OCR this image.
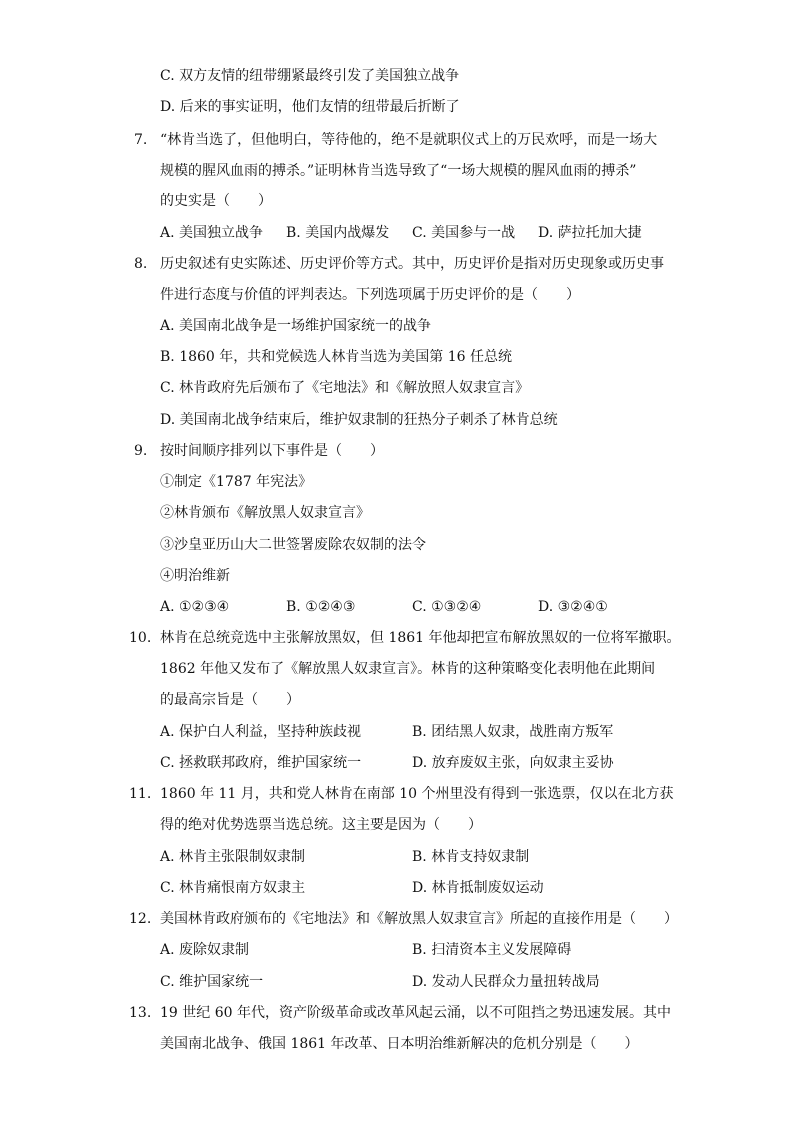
C. 双方友情的纽带绷紧最终引发了美国独立战争
D. 后来的事实证明，他们友情的纽带最后折断了
7. “林肯当选了，但他明白，等待他的，绝不是就职仪式上的万民欢呼，而是一场大
规模的腥风血雨的搏杀。”证明林肯当选导致了“一场大规模的腥风血雨的搏杀”
的史实是（　　）
A. 美国独立战争 B. 美国内战爆发 C. 美国参与一战 D. 萨拉托加大捷
8. 历史叙述有史实陈述、历史评价等方式。其中，历史评价是指对历史现象或历史事
件进行态度与价值的评判表达。下列选项属于历史评价的是（　　）
A. 美国南北战争是一场维护国家统一的战争
B. 1860 年，共和党候选人林肯当选为美国第 16 任总统
C. 林肯政府先后颁布了《宅地法》和《解放照人奴隶宣言》
D. 美国南北战争结束后，维护奴隶制的狂热分子刺杀了林肯总统
9. 按时间顺序排列以下事件是（　　）
①制定《1787 年宪法》
②林肯颁布《解放黑人奴隶宣言》
③沙皇亚历山大二世签署废除农奴制的法令
④明治维新
A. ①②③④	B. ①②④③	C. ①③②④	D. ③②④①
10. 林肯在总统竞选中主张解放黑奴，但 1861 年他却把宣布解放黑奴的一位将军撤职。
1862 年他又发布了《解放黑人奴隶宣言》。林肯的这种策略变化表明他在此期间
的最高宗旨是（　　）
A. 保护白人利益，坚持种族歧视	B. 团结黑人奴隶，战胜南方叛军
C. 拯救联邦政府，维护国家统一	D. 放弃废奴主张，向奴隶主妥协
11. 1860 年 11 月，共和党人林肯在南部 10 个州里没有得到一张选票，仅以在北方获
得的绝对优势选票当选总统。这主要是因为（　　）
A. 林肯主张限制奴隶制	B. 林肯支持奴隶制
C. 林肯痛恨南方奴隶主	D. 林肯抵制废奴运动
12. 美国林肯政府颁布的《宅地法》和《解放黑人奴隶宣言》所起的直接作用是（　　）
A. 废除奴隶制	B. 扫清资本主义发展障碍
C. 维护国家统一	D. 发动人民群众力量扭转战局
13. 19 世纪 60 年代，资产阶级革命或改革风起云涌，以不可阻挡之势迅速发展。其中
美国南北战争、俄国 1861 年改革、日本明治维新解决的危机分别是（　　）
